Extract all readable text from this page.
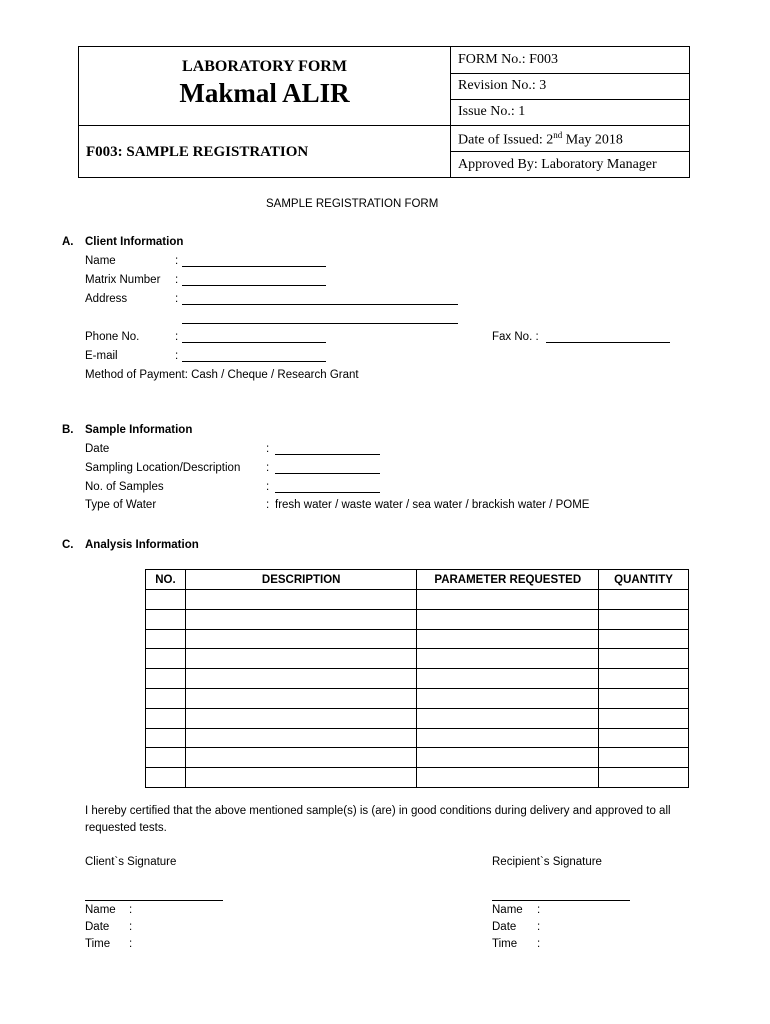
LABORATORY FORM
Makmal ALIR
F003: SAMPLE REGISTRATION
FORM No.: F003
Revision No.: 3
Issue No.: 1
Date of Issued: 2nd May 2018
Approved By: Laboratory Manager
SAMPLE REGISTRATION FORM
A. Client Information
Name	:
Matrix Number :
Address	:
Phone No.	:	Fax No. :
E-mail	:
Method of Payment: Cash / Cheque / Research Grant
B. Sample Information
Date	:
Sampling Location/Description :
No. of Samples	:
Type of Water	: fresh water / waste water / sea water / brackish water / POME
C. Analysis Information
NO.	DESCRIPTION	PARAMETER REQUESTED	QUANTITY

I hereby certified that the above mentioned sample(s) is (are) in good conditions during delivery and approved to all
requested tests.
Client`s Signature
Name :
Date :
Time :
Recipient`s Signature
Name :
Date :
Time :
